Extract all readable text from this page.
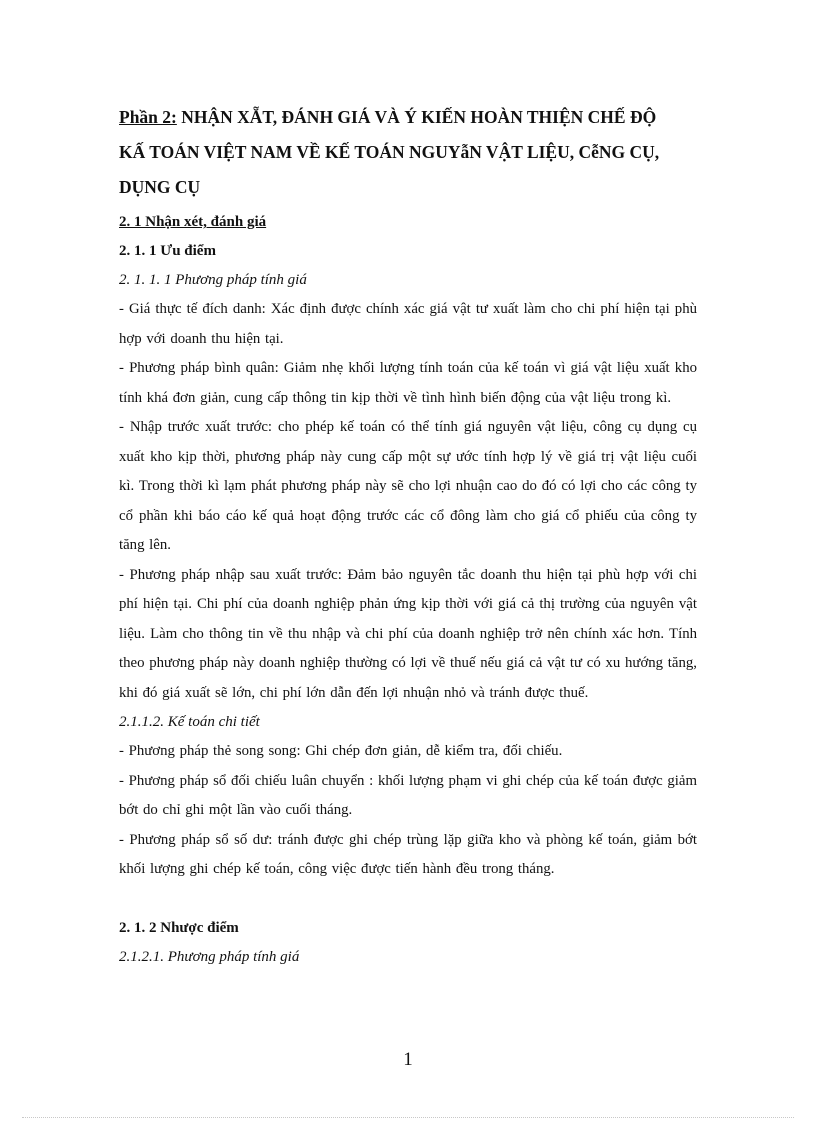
Phần 2: NHẬN XẴT, ĐÁNH GIÁ VÀ Ý KIẾN HOÀN THIỆN CHẾ ĐỘ
KẤ TOÁN VIỆT NAM VỀ KẾ TOÁN NGUYẫN VẬT LIỆU, CễNG CỤ,
DỤNG CỤ
2. 1 Nhận xét, đánh giá
2. 1. 1 Ưu điểm
2. 1. 1. 1 Phương pháp tính giá

- Giá thực tế đích danh: Xác định được chính xác giá vật tư xuất làm cho chi phí hiện tại phù hợp với doanh thu hiện tại.

- Phương pháp bình quân: Giảm nhẹ khối lượng tính toán của kế toán vì giá vật liệu xuất kho tính khá đơn giản, cung cấp thông tin kịp thời về tình hình biến động của vật liệu trong kì.

- Nhập trước xuất trước: cho phép kế toán có thể tính giá nguyên vật liệu, công cụ dụng cụ xuất kho kịp thời, phương pháp này cung cấp một sự ước tính hợp lý về giá trị vật liệu cuối kì. Trong thời kì lạm phát phương pháp này sẽ cho lợi nhuận cao do đó có lợi cho các công ty cổ phần khi báo cáo kế quả hoạt động trước các cổ đông làm cho giá cổ phiếu của công ty tăng lên.

- Phương pháp nhập sau xuất trước: Đảm bảo nguyên tắc doanh thu hiện tại phù hợp với chi phí hiện tại. Chi phí của doanh nghiệp phản ứng kịp thời với giá cả thị trường của nguyên vật liệu. Làm cho thông tin về thu nhập và chi phí của doanh nghiệp trở nên chính xác hơn. Tính theo phương pháp này doanh nghiệp thường có lợi về thuế nếu giá cả vật tư có xu hướng tăng, khi đó giá xuất sẽ lớn, chi phí lớn dẫn đến lợi nhuận nhỏ và tránh được thuế.

2.1.1.2. Kế toán chi tiết

- Phương pháp thẻ song song: Ghi chép đơn giản, dễ kiểm tra, đối chiếu.

- Phương pháp sổ đối chiếu luân chuyển : khối lượng phạm vi ghi chép của kế toán được giảm bớt do chỉ ghi một lần vào cuối tháng.

- Phương pháp sổ số dư: tránh được ghi chép trùng lặp giữa kho và phòng kế toán, giảm bớt khối lượng ghi chép kế toán, công việc được tiến hành đều trong tháng.

2. 1. 2 Nhược điểm
2.1.2.1. Phương pháp tính giá
1
